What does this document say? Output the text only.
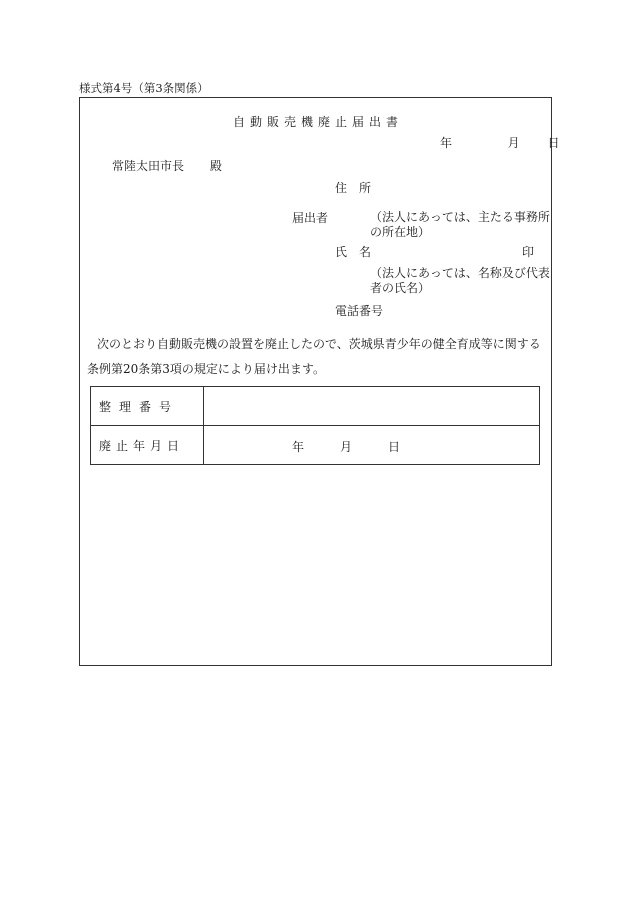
様式第4号（第3条関係）
自動販売機廃止届出書
年	月 日
常陸太田市長 殿
住　所
届出者	（法人にあっては、主たる事務所の所在地）
氏　名	印
（法人にあっては、名称及び代表者の氏名）
電話番号
次のとおり自動販売機の設置を廃止したので、茨城県青少年の健全育成等に関する条例第20条第3項の規定により届け出ます。
整理番号	
廃止年月日	年 月 日
